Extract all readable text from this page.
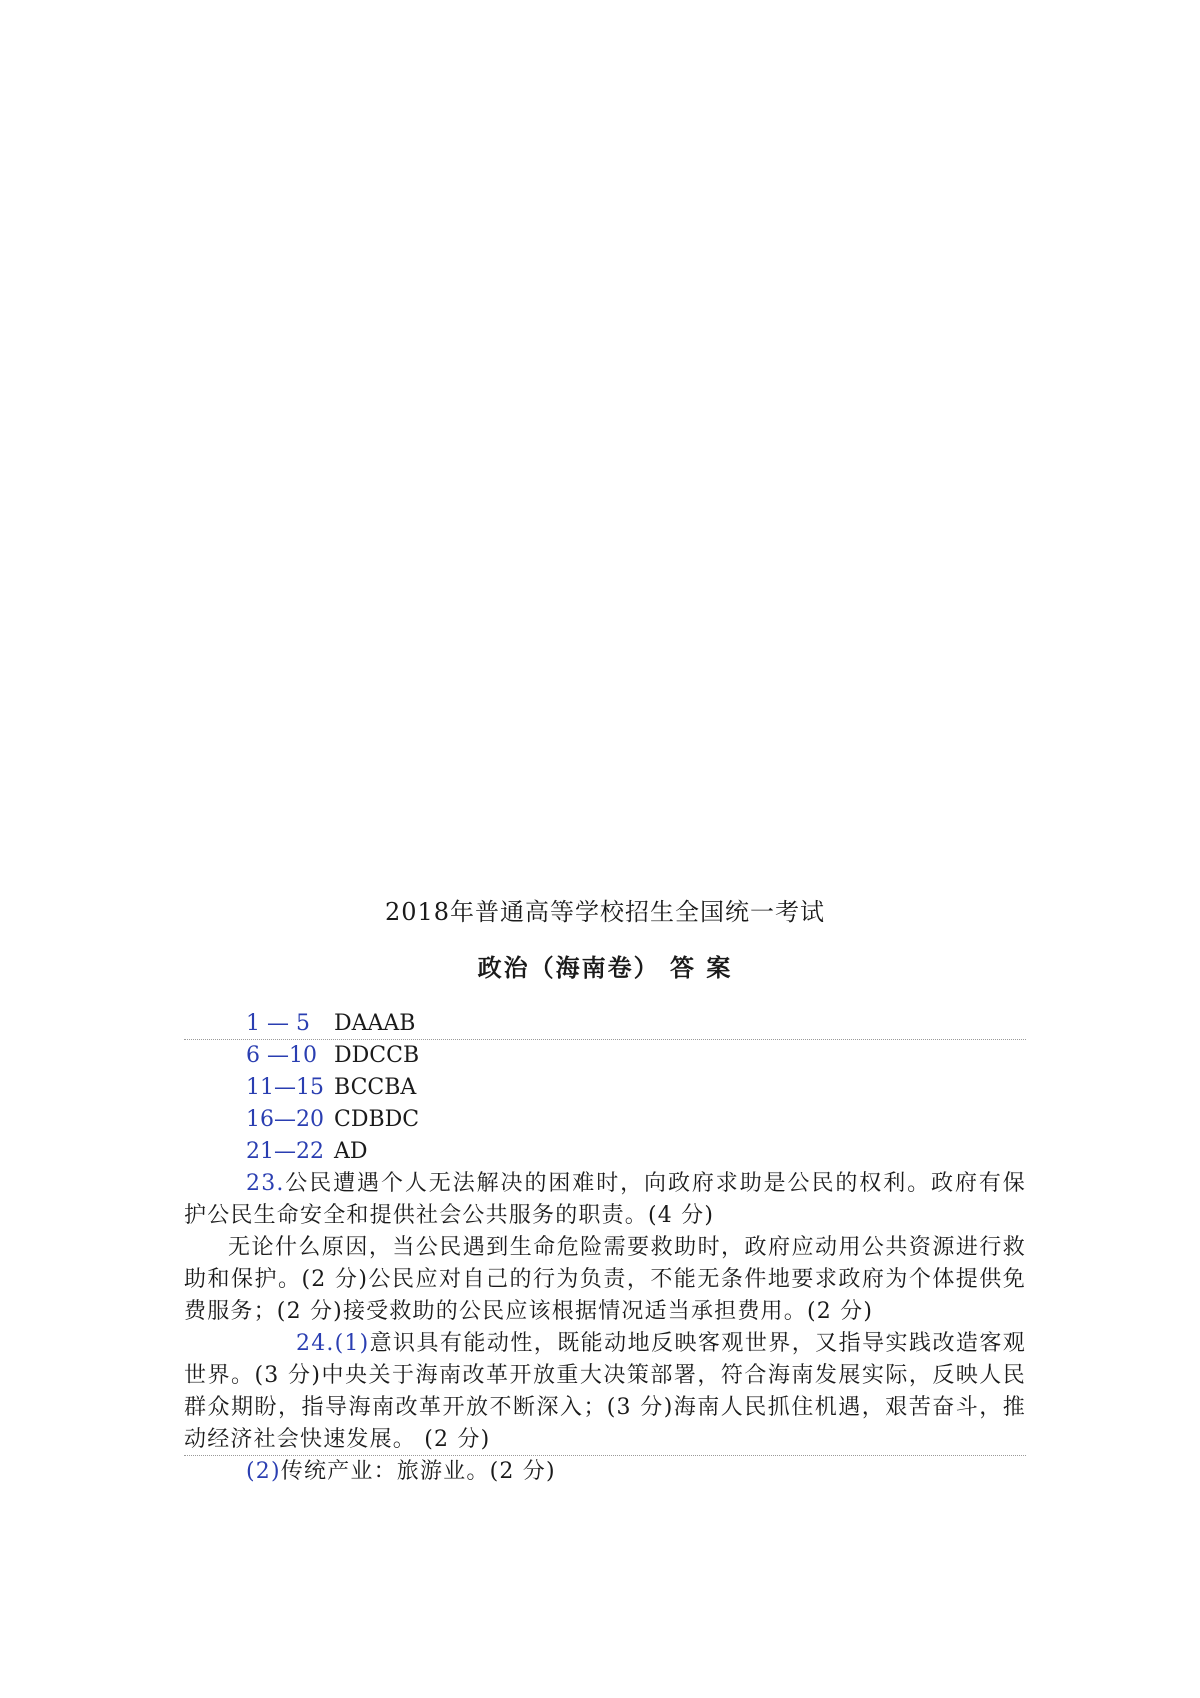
2018年普通高等学校招生全国统一考试
政治（海南卷） 答 案
1 — 5 DAAAB
6 —10 DDCCB
11—15 BCCBA
16—20 CDBDC
21—22 AD

23.公民遭遇个人无法解决的困难时，向政府求助是公民的权利。政府有保护公民生命安全和提供社会公共服务的职责。(4 分)

无论什么原因，当公民遇到生命危险需要救助时，政府应动用公共资源进行救助和保护。(2 分)公民应对自己的行为负责，不能无条件地要求政府为个体提供免费服务；(2 分)接受救助的公民应该根据情况适当承担费用。(2 分)

24.(1)意识具有能动性，既能动地反映客观世界，又指导实践改造客观世界。(3 分)中央关于海南改革开放重大决策部署，符合海南发展实际，反映人民群众期盼，指导海南改革开放不断深入；(3 分)海南人民抓住机遇，艰苦奋斗，推动经济社会快速发展。 (2 分)

(2)传统产业：旅游业。(2 分)
